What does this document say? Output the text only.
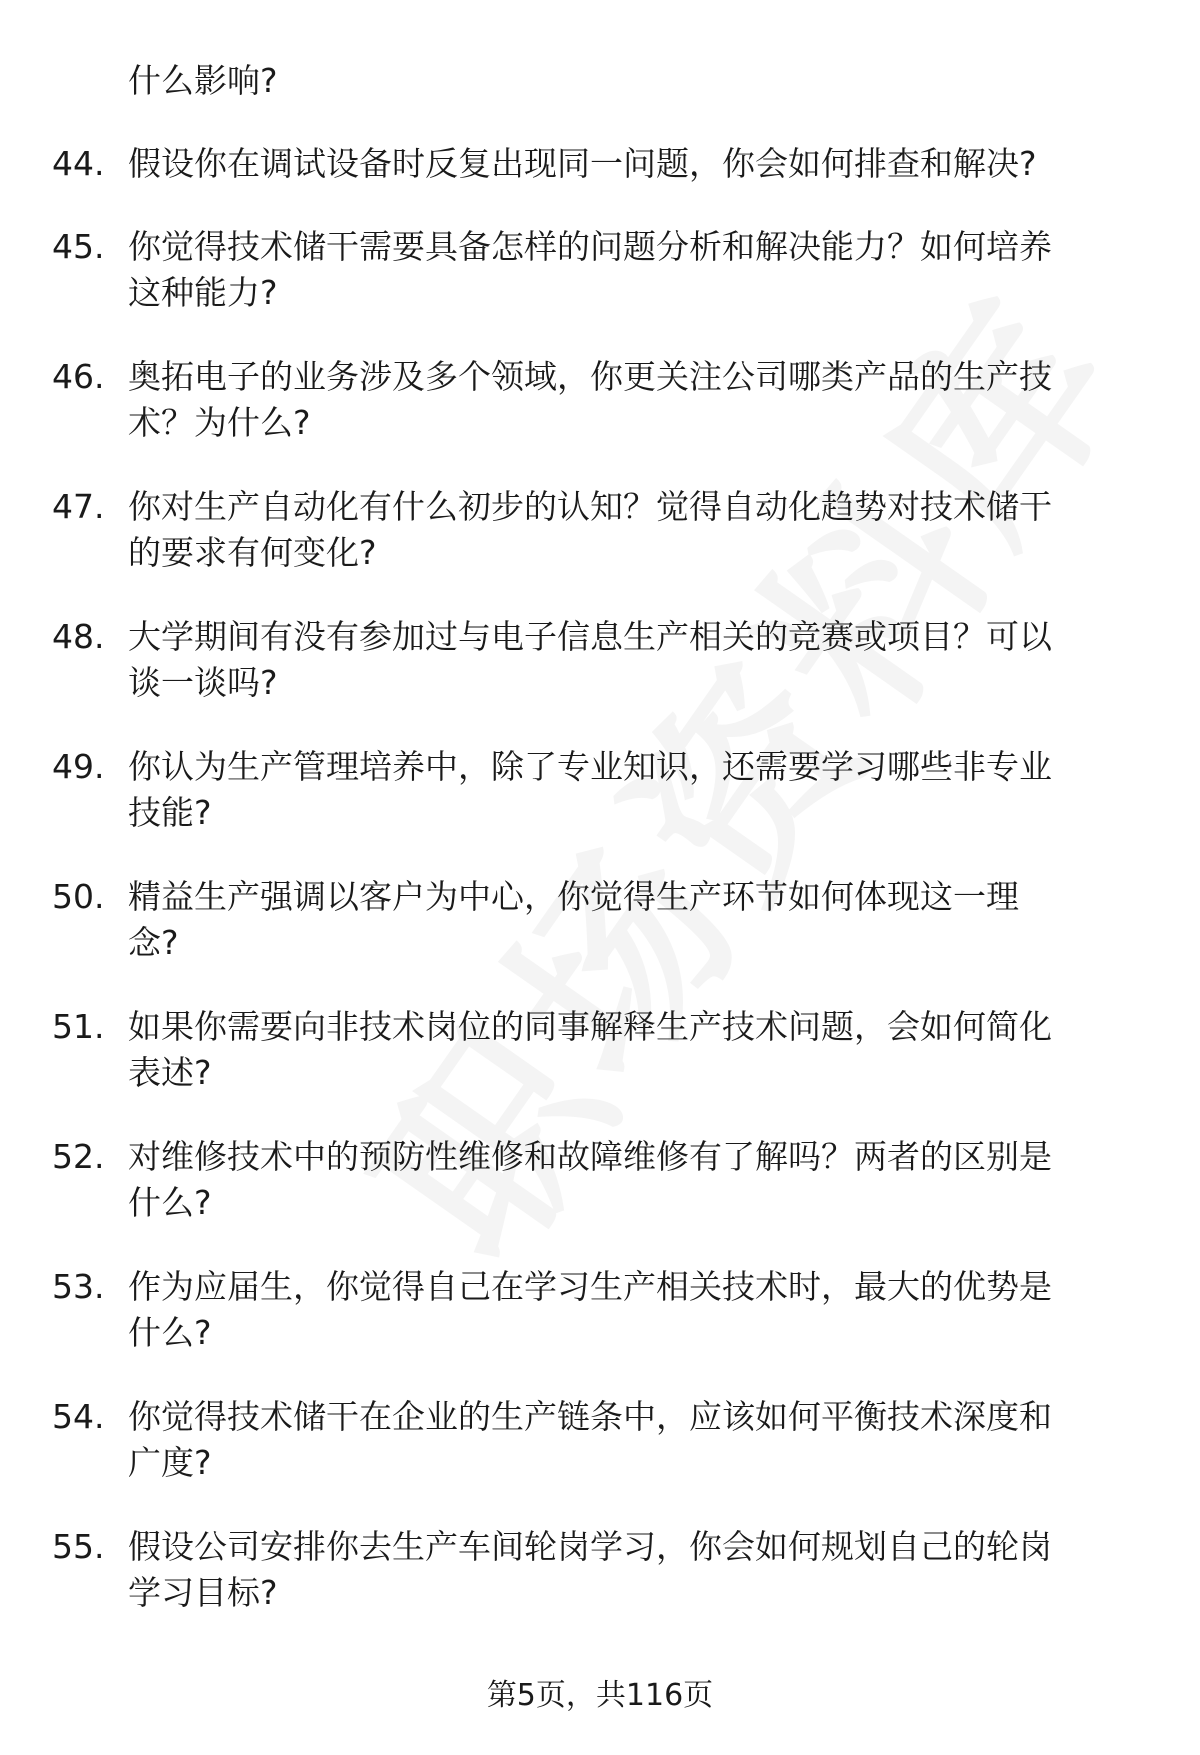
什么影响?

44. 假设你在调试设备时反复出现同一问题，你会如何排查和解决?

45. 你觉得技术储干需要具备怎样的问题分析和解决能力？如何培养
这种能力?

46. 奥拓电子的业务涉及多个领域，你更关注公司哪类产品的生产技
术？为什么?

47. 你对生产自动化有什么初步的认知？觉得自动化趋势对技术储干
的要求有何变化?

48. 大学期间有没有参加过与电子信息生产相关的竞赛或项目？可以
谈一谈吗?

49. 你认为生产管理培养中，除了专业知识，还需要学习哪些非专业
技能?

50. 精益生产强调以客户为中心，你觉得生产环节如何体现这一理
念?

51. 如果你需要向非技术岗位的同事解释生产技术问题，会如何简化
表述?

52. 对维修技术中的预防性维修和故障维修有了解吗？两者的区别是
什么?

53. 作为应届生，你觉得自己在学习生产相关技术时，最大的优势是
什么?

54. 你觉得技术储干在企业的生产链条中，应该如何平衡技术深度和
广度?

55. 假设公司安排你去生产车间轮岗学习，你会如何规划自己的轮岗
学习目标?

第5页，共116页
